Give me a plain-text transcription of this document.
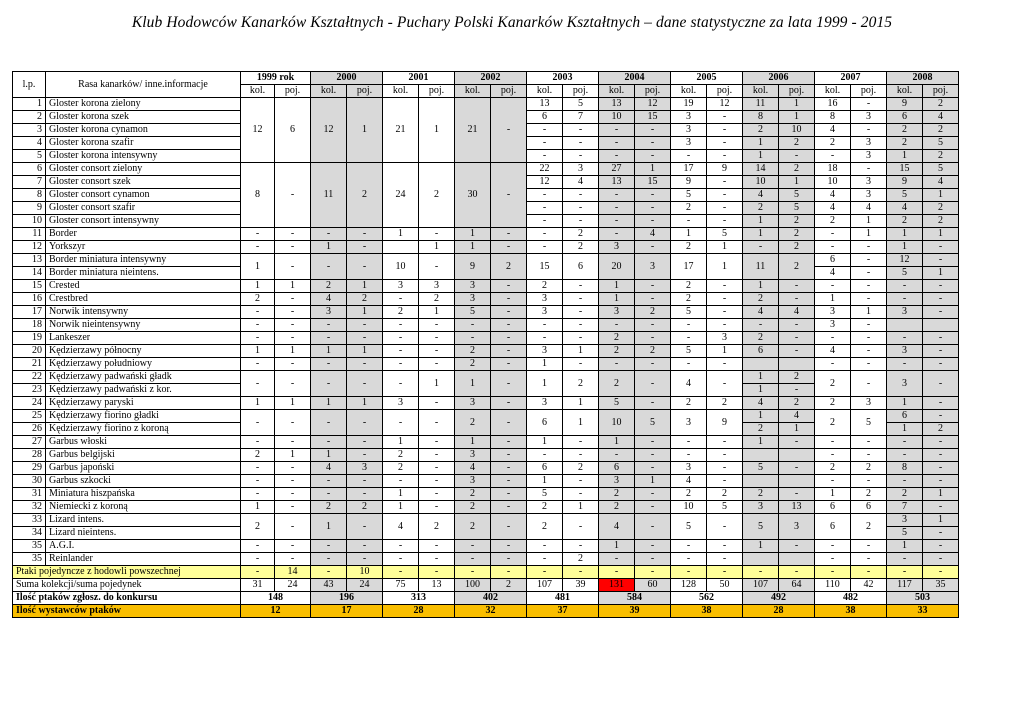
Klub Hodowców Kanarków Kształtnych - Puchary Polski Kanarków Kształtnych – dane statystyczne za lata 1999 - 2015
l.p.	Rasa kanarków/ inne.informacje	1999 rok		2000		2001		2002		2003		2004		2005		2006		2007		2008	
		kol.	poj.	kol.	poj.	kol.	poj.	kol.	poj.	kol.	poj.	kol.	poj.	kol.	poj.	kol.	poj.	kol.	poj.	kol.	poj.
1	Gloster korona zielony	12	6	12	1	21	1	21	-	13	5	13	12	19	12	11	1	16	-	9	2
2	Gloster korona szek									6	7	10	15	3	-	8	1	8	3	6	4
3	Gloster korona cynamon									-	-	-	-	3	-	2	10	4	-	2	2
4	Gloster korona szafir									-	-	-	-	3	-	1	2	2	3	2	5
5	Gloster korona intensywny									-	-	-	-	-	-	1	-	-	3	1	2
6	Gloster consort zielony	8	-	11	2	24	2	30	-	22	3	27	1	17	9	14	2	18	-	15	5
7	Gloster consort szek									12	4	13	15	9	-	10	1	10	3	9	4
8	Gloster consort cynamon									-	-	-	-	5	-	4	5	4	3	5	1
9	Gloster consort szafir									-	-	-	-	2	-	2	5	4	4	4	2
10	Gloster consort intensywny									-	-	-	-	-	-	1	2	2	1	2	2
11	Border	-	-	-	-	1	-	1	-	-	2	-	4	1	5	1	2	-	1	1	1
12	Yorkszyr	-	-	1	-		1	1	-	-	2	3	-	2	1	-	2	-	-	1	-
13	Border miniatura intensywny	1	-	-	-	10	-	9	2	15	6	20	3	17	1	11	2	6	-	12	-
14	Border miniatura nieintens.																	4	-	5	1
15	Crested	1	1	2	1	3	3	3	-	2	-	1	-	2	-	1	-	-	-	-	-
16	Crestbred	2	-	4	2	-	2	3	-	3	-	1	-	2	-	2	-	1	-	-	-
17	Norwik intensywny	-	-	3	1	2	1	5	-	3	-	3	2	5	-	4	4	3	1	3	-
18	Norwik nieintensywny	-	-	-	-	-	-	-	-	-	-	-	-	-	-	-	-	3	-		
19	Lankeszer	-	-	-	-	-	-	-	-	-	-	2	-	-	3	2	-	-	-	-	-
20	Kędzierzawy północny	1	1	1	1	-	-	2	-	3	1	2	2	5	1	6	-	4	-	3	-
21	Kędzierzawy południowy	-	-	-	-	-	-	2	-	1	-	-	-	-	-			-	-	-	-
22	Kędzierzawy padwański gładk	-	-	-	-	-	1	1	-	1	2	2	-	4	-	1	2	2	-	3	-
23	Kędzierzawy padwański z kor.															1	-				
24	Kędzierzawy paryski	1	1	1	1	3	-	3	-	3	1	5	-	2	2	4	2	2	3	1	-
25	Kędzierzawy fiorino gładki	-	-	-	-	-	-	2	-	6	1	10	5	3	9	1	4	2	5	6	-
26	Kędzierzawy fiorino z koroną															2	1			1	2
27	Garbus włoski	-	-	-	-	1	-	1	-	1	-	1	-	-	-	1	-	-	-	-	-
28	Garbus belgijski	2	1	1	-	2	-	3	-	-	-	-	-	-	-			-	-	-	-
29	Garbus japoński	-	-	4	3	2	-	4	-	6	2	6	-	3	-	5	-	2	2	8	-
30	Garbus szkocki	-	-	-	-	-	-	3	-	1	-	3	1	4	-			-	-	-	-
31	Miniatura hiszpańska	-	-	-	-	1	-	2	-	5	-	2	-	2	2	2	-	1	2	2	1
32	Niemiecki z koroną	1	-	2	2	1	-	2	-	2	1	2	-	10	5	3	13	6	6	7	-
33	Lizard intens.	2	-	1	-	4	2	2	-	2	-	4	-	5	-	5	3	6	2	3	1
34	Lizard nieintens.																			5	-
35	A.G.I.	-	-	-	-	-	-	-	-	-	-	1	-	-	-	1	-	-	-	1	-
35	Reinlander	-	-	-	-	-	-	-	-	-	2	-	-	-	-			-	-	-	-
Ptaki pojedyncze z hodowli powszechnej		-	14	-	10	-	-	-	-	-	-	-	-	-	-	-	-	-	-	-	-
Suma kolekcji/suma pojedynek		31	24	43	24	75	13	100	2	107	39	131	60	128	50	107	64	110	42	117	35
Ilość ptaków zgłosz. do konkursu		148		196		313		402		481		584		562		492		482		503	
Ilość wystawców ptaków		12		17		28		32		37		39		38		28		38		33	
